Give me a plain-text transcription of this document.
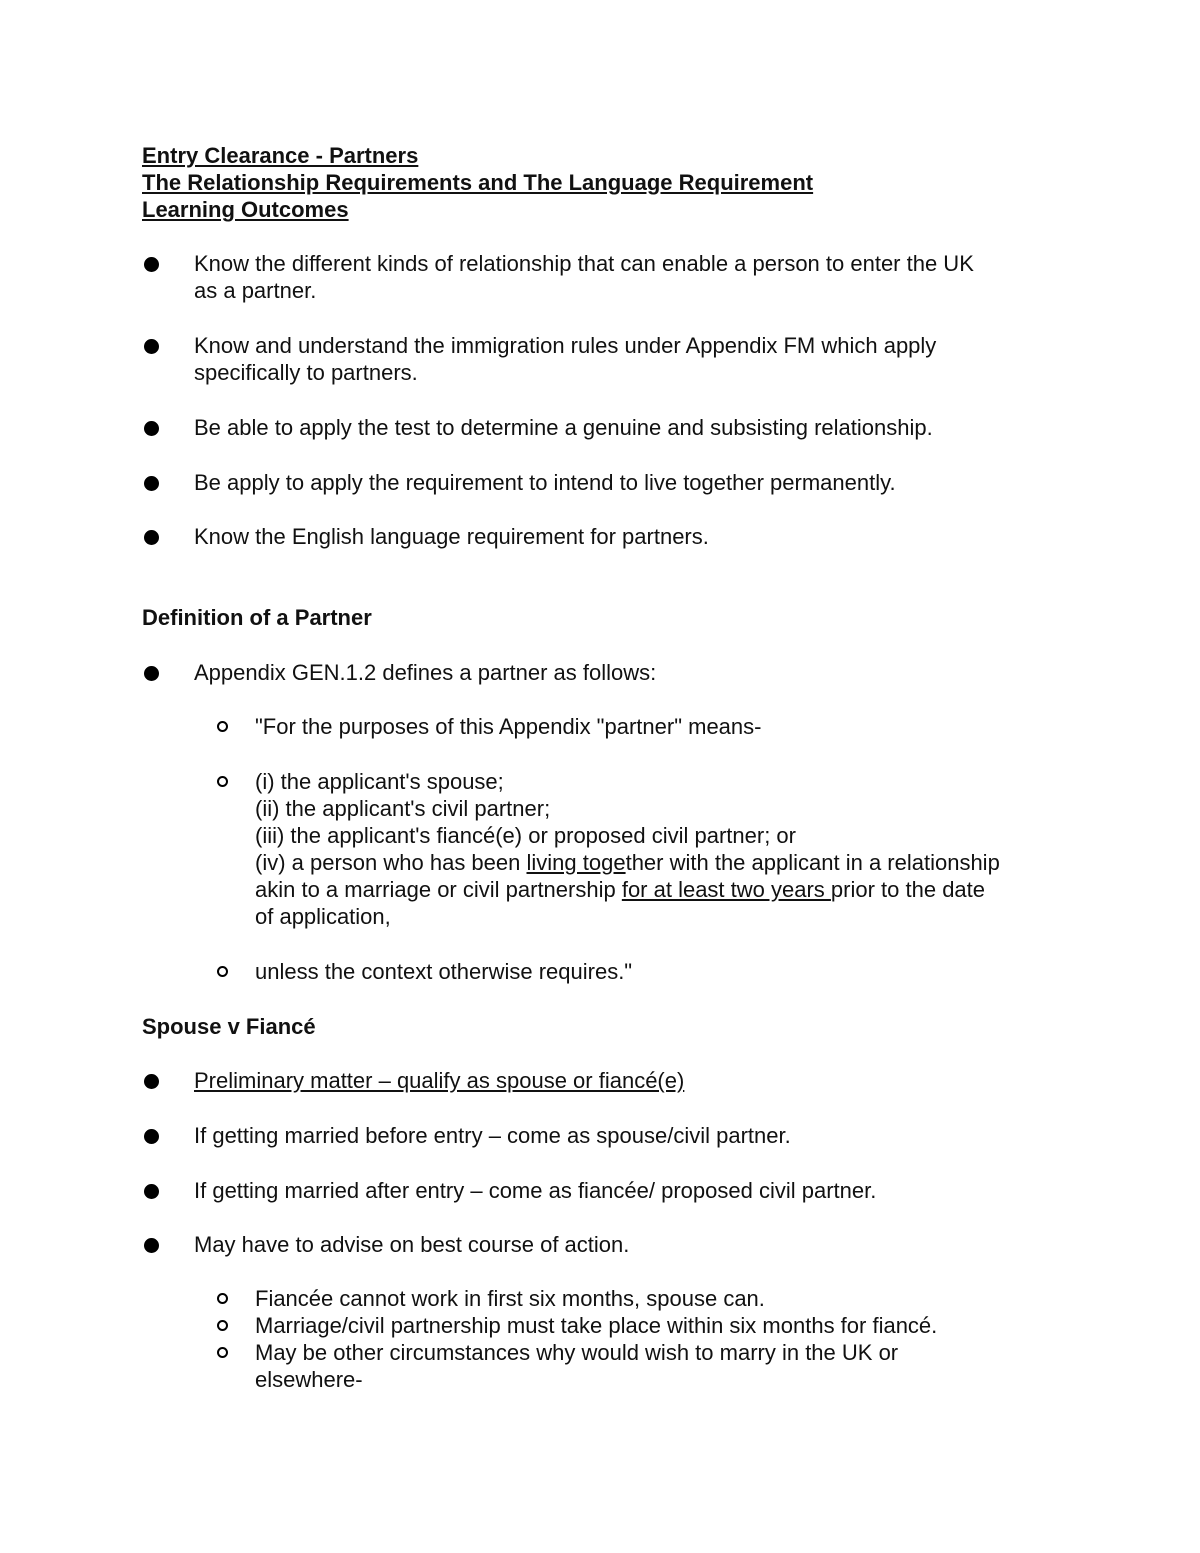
Entry Clearance - Partners
The Relationship Requirements and The Language Requirement
Learning Outcomes
Know the different kinds of relationship that can enable a person to enter the UK
as a partner.
Know and understand the immigration rules under Appendix FM which apply
specifically to partners.
Be able to apply the test to determine a genuine and subsisting relationship.
Be apply to apply the requirement to intend to live together permanently.
Know the English language requirement for partners.
Definition of a Partner
Appendix GEN.1.2 defines a partner as follows:
"For the purposes of this Appendix "partner" means-
(i) the applicant's spouse;
(ii) the applicant's civil partner;
(iii) the applicant's fiancé(e) or proposed civil partner; or
(iv) a person who has been living together with the applicant in a relationship
akin to a marriage or civil partnership for at least two years prior to the date
of application,
unless the context otherwise requires."
Spouse v Fiancé
Preliminary matter – qualify as spouse or fiancé(e)
If getting married before entry – come as spouse/civil partner.
If getting married after entry – come as fiancée/ proposed civil partner.
May have to advise on best course of action.
Fiancée cannot work in first six months, spouse can.
Marriage/civil partnership must take place within six months for fiancé.
May be other circumstances why would wish to marry in the UK or
elsewhere-
